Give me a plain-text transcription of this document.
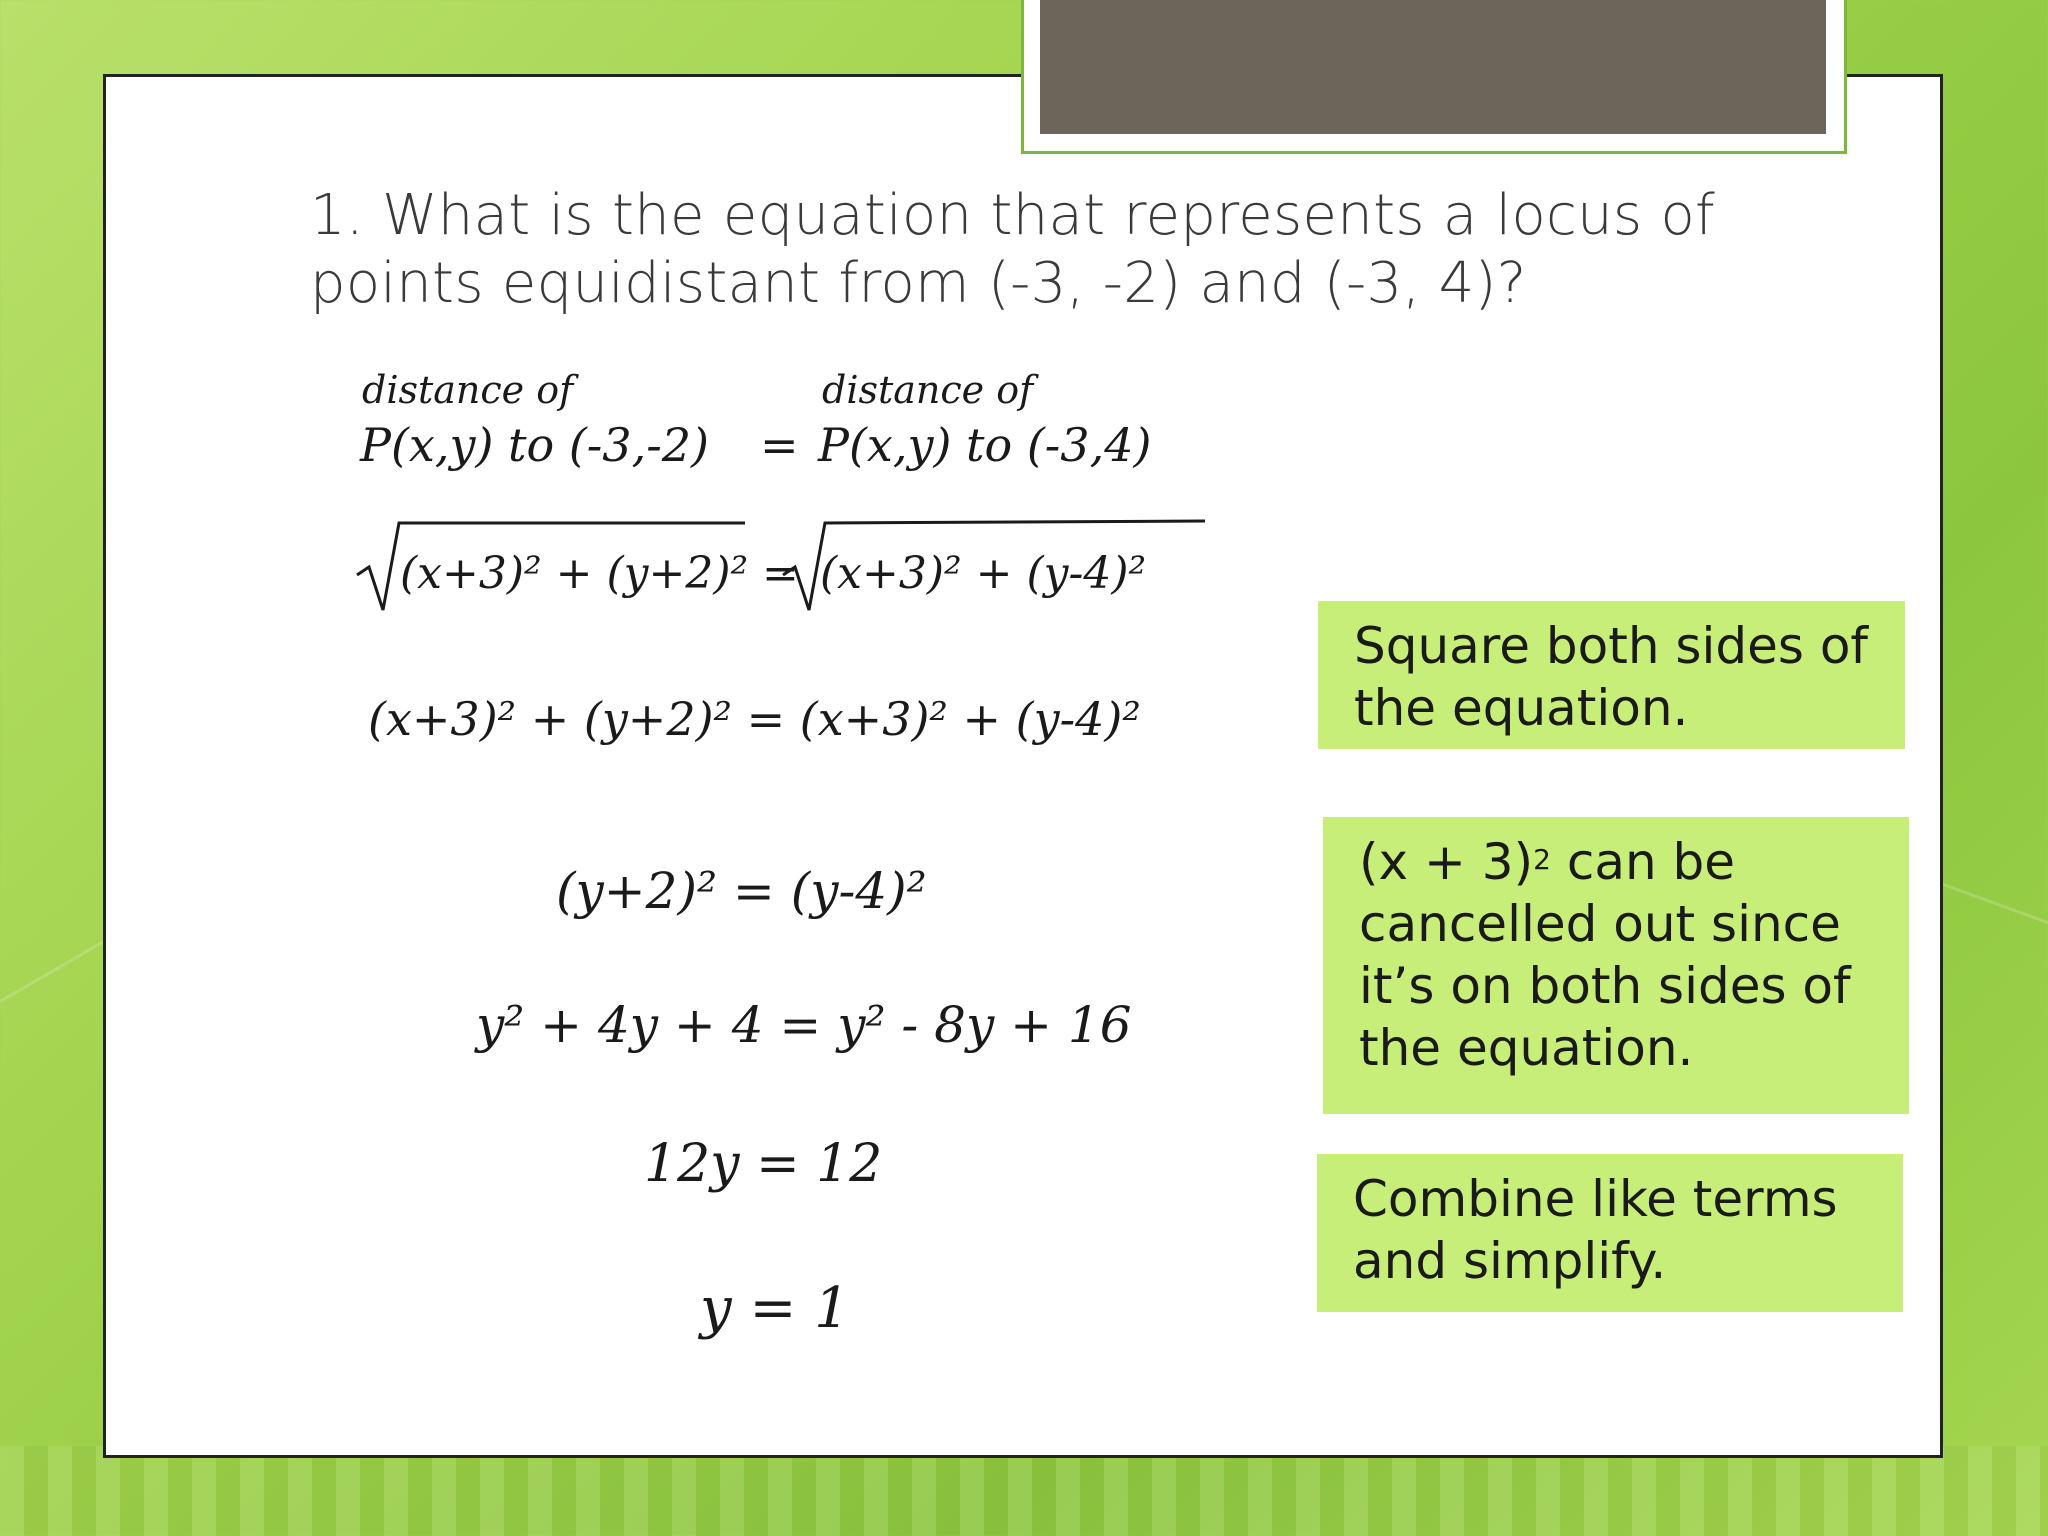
1. What is the equation that represents a locus of
points equidistant from (-3, -2) and (-3, 4)?
distance of
P(x,y) to (-3,-2) =
distance of
P(x,y) to (-3,4)
(x+3)² + (y+2)² = (x+3)² + (y-4)²
(x+3)² + (y+2)² = (x+3)² + (y-4)²
(y+2)² = (y-4)²
y² + 4y + 4 = y² - 8y + 16
12y = 12
y = 1
Square both sides of
the equation.
$(x + 3)^2$ can be
cancelled out since
it’s on both sides of
the equation.
Combine like terms
and simplify.
